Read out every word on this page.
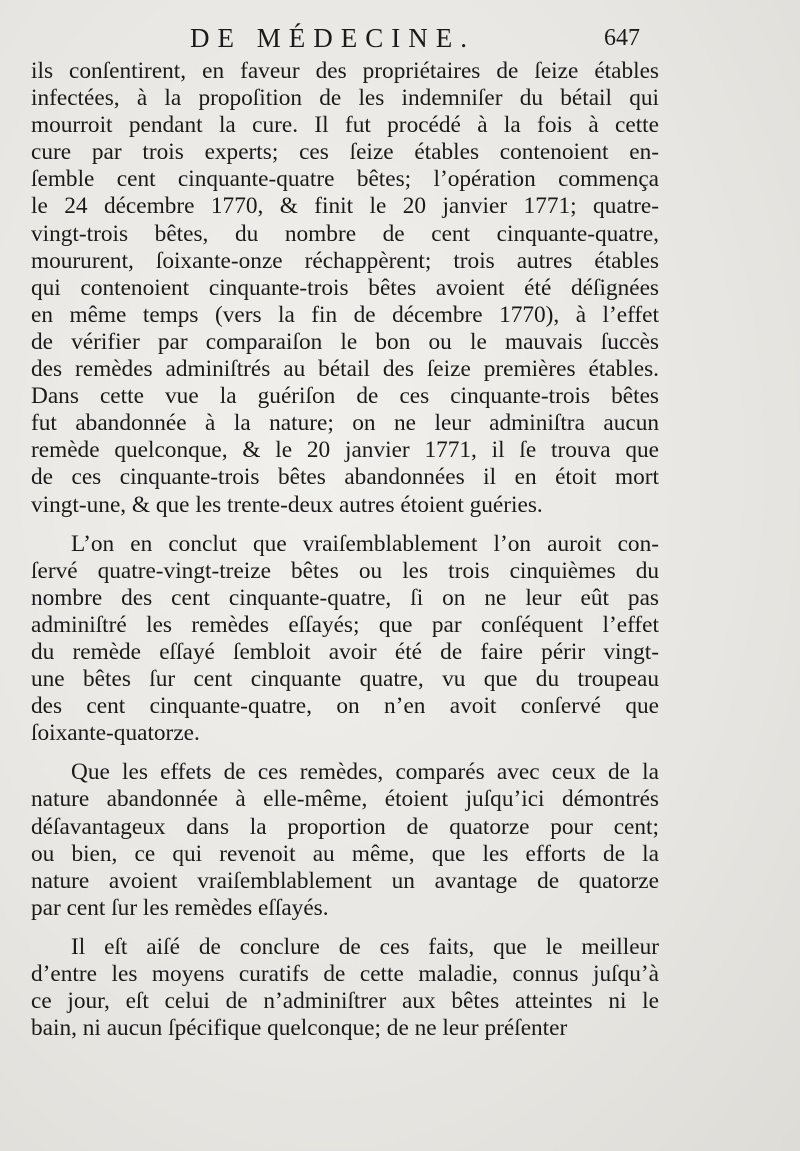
DE MÉDECINE.	647
ils conſentirent, en faveur des propriétaires de ſeize étables
infectées, à la propoſition de les indemniſer du bétail qui
mourroit pendant la cure. Il fut procédé à la fois à cette
cure par trois experts; ces ſeize étables contenoient en-
ſemble cent cinquante-quatre bêtes; l’opération commença
le 24 décembre 1770, & finit le 20 janvier 1771; quatre-
vingt-trois bêtes, du nombre de cent cinquante-quatre,
moururent, ſoixante-onze réchappèrent; trois autres étables
qui contenoient cinquante-trois bêtes avoient été déſignées
en même temps (vers la fin de décembre 1770), à l’effet
de vérifier par comparaiſon le bon ou le mauvais ſuccès
des remèdes adminiſtrés au bétail des ſeize premières étables.
Dans cette vue la guériſon de ces cinquante-trois bêtes
fut abandonnée à la nature; on ne leur adminiſtra aucun
remède quelconque, & le 20 janvier 1771, il ſe trouva que
de ces cinquante-trois bêtes abandonnées il en étoit mort
vingt-une, & que les trente-deux autres étoient guéries.
L’on en conclut que vraiſemblablement l’on auroit con-
ſervé quatre-vingt-treize bêtes ou les trois cinquièmes du
nombre des cent cinquante-quatre, ſi on ne leur eût pas
adminiſtré les remèdes eſſayés; que par conſéquent l’effet
du remède eſſayé ſembloit avoir été de faire périr vingt-
une bêtes ſur cent cinquante quatre, vu que du troupeau
des cent cinquante-quatre, on n’en avoit conſervé que
ſoixante-quatorze.
Que les effets de ces remèdes, comparés avec ceux de la
nature abandonnée à elle-même, étoient juſqu’ici démontrés
déſavantageux dans la proportion de quatorze pour cent;
ou bien, ce qui revenoit au même, que les efforts de la
nature avoient vraiſemblablement un avantage de quatorze
par cent ſur les remèdes eſſayés.
Il eſt aiſé de conclure de ces faits, que le meilleur
d’entre les moyens curatifs de cette maladie, connus juſqu’à
ce jour, eſt celui de n’adminiſtrer aux bêtes atteintes ni le
bain, ni aucun ſpécifique quelconque; de ne leur préſenter
